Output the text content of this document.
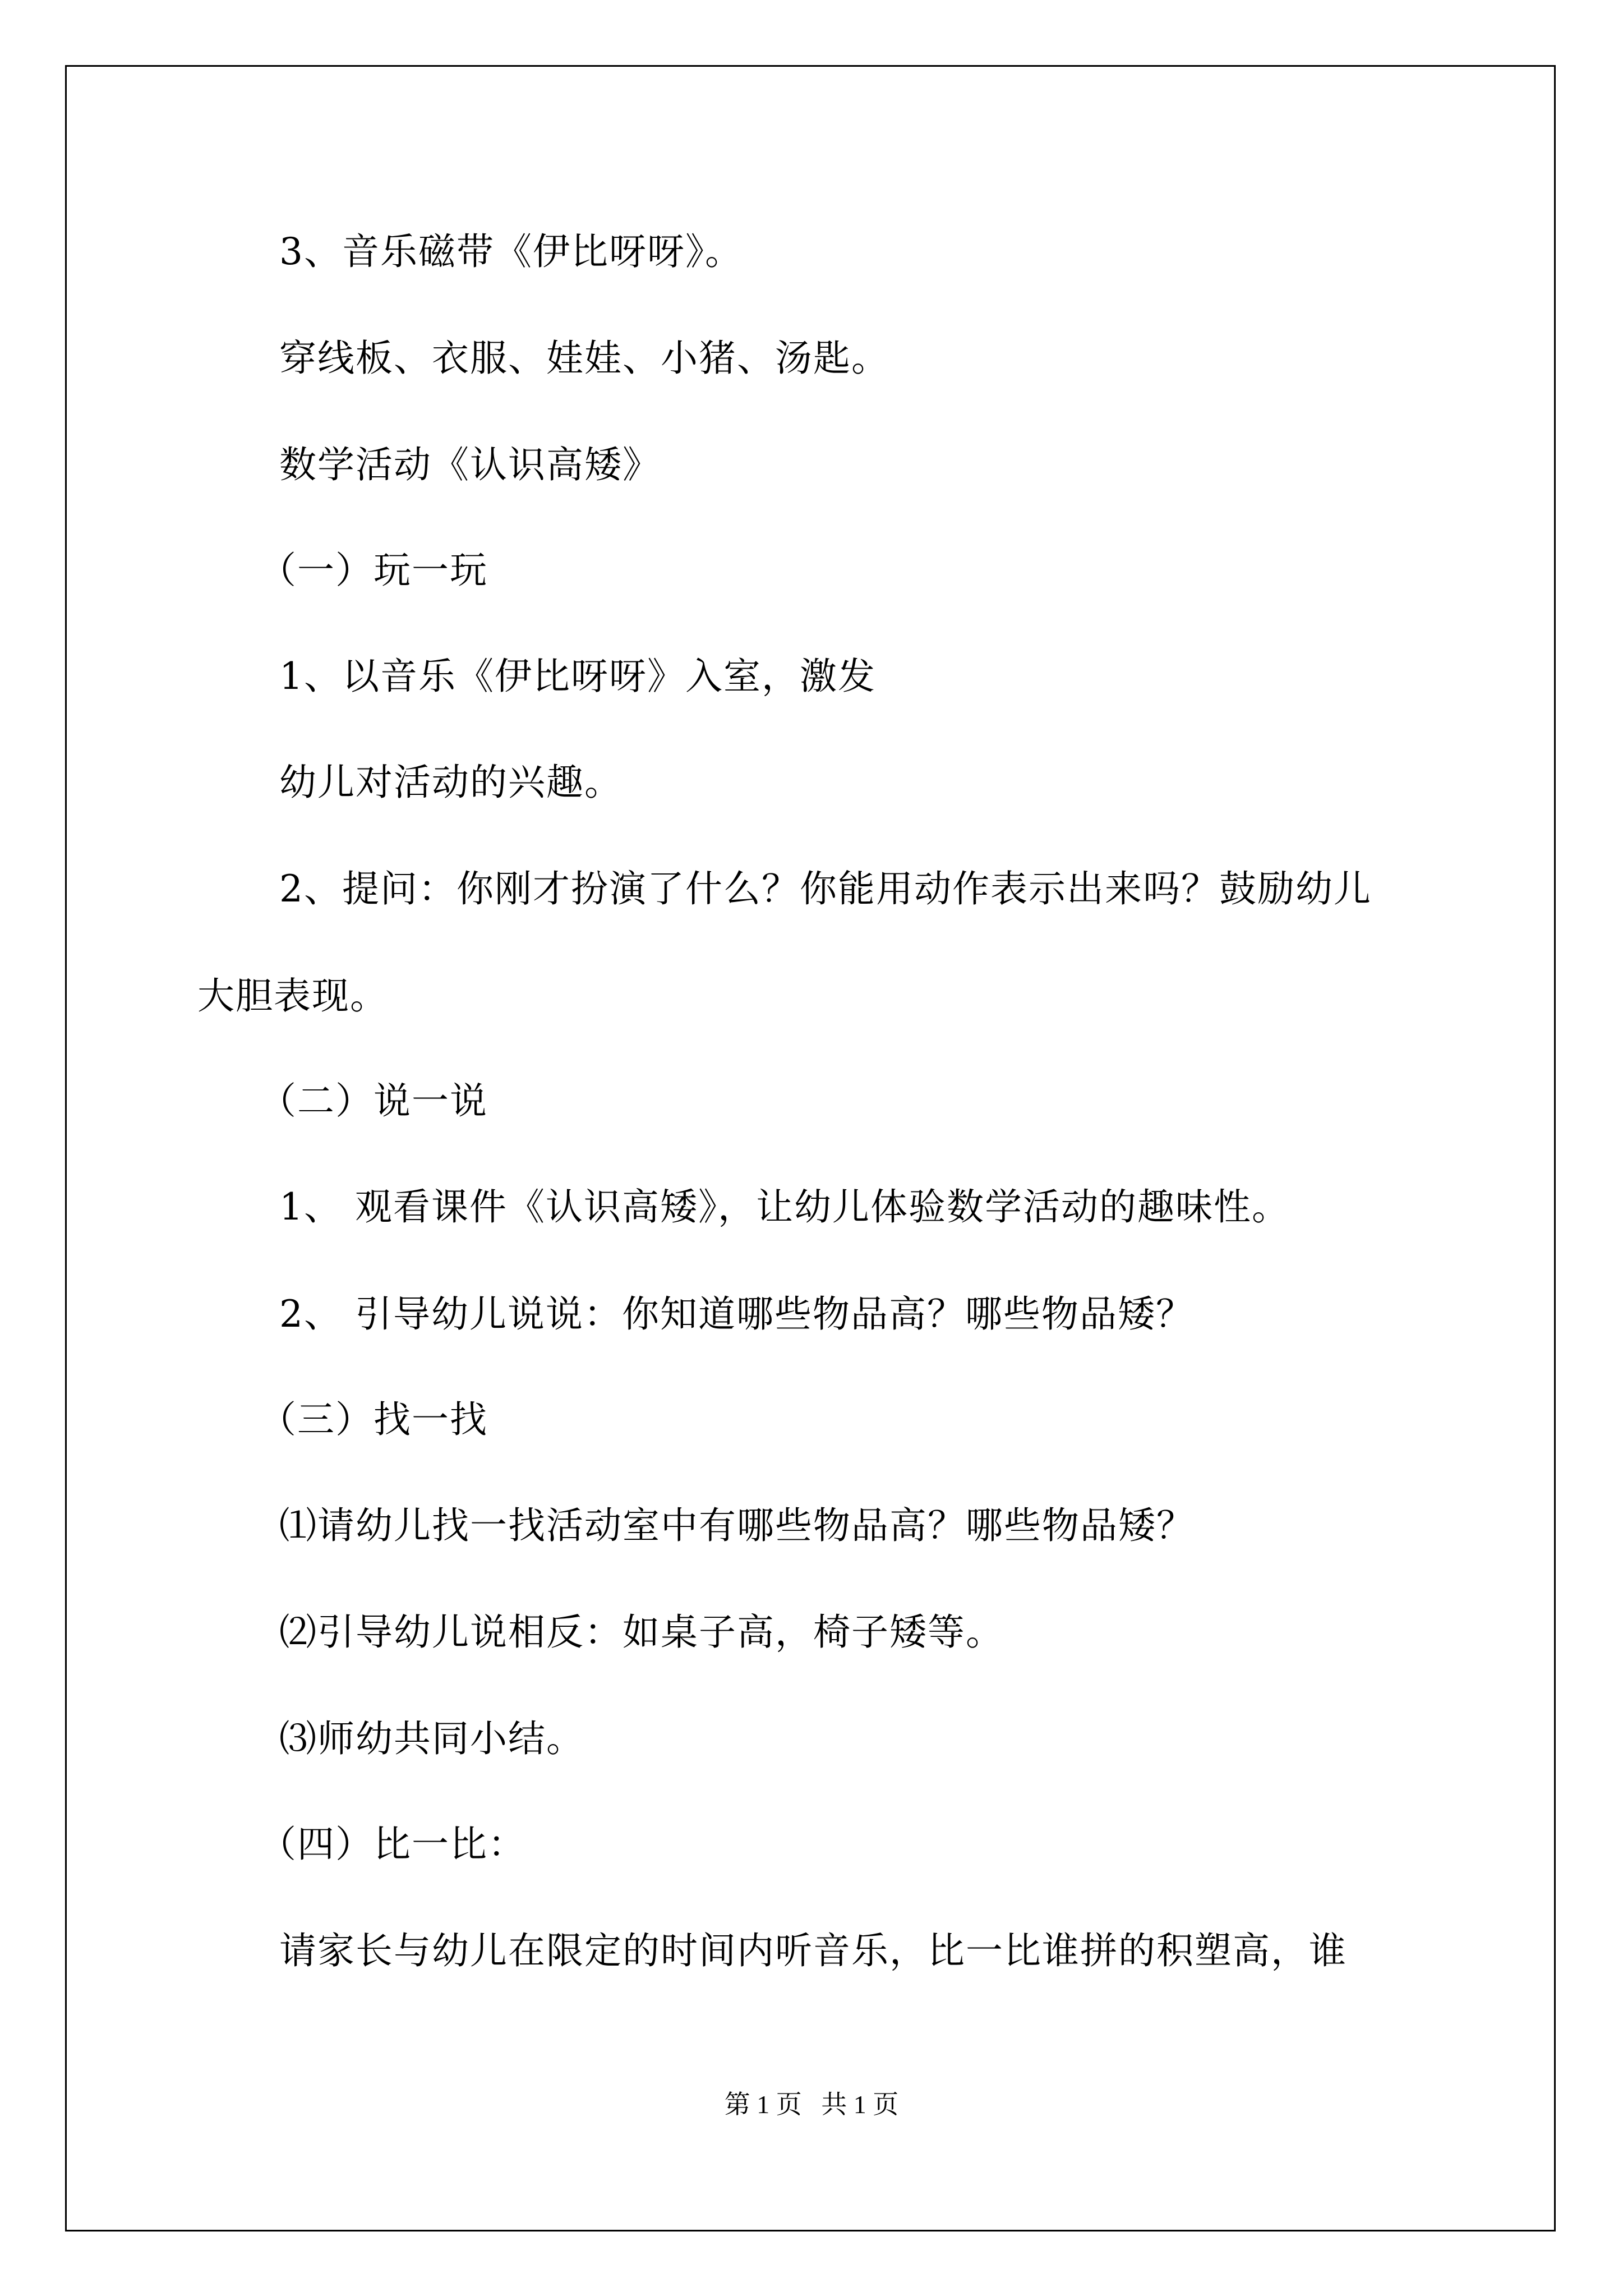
3、音乐磁带《伊比呀呀》。
穿线板、衣服、娃娃、小猪、汤匙。
数学活动《认识高矮》
（一）玩一玩
1、以音乐《伊比呀呀》入室，激发
幼儿对活动的兴趣。
2、提问：你刚才扮演了什么？你能用动作表示出来吗？鼓励幼儿
大胆表现。
（二）说一说
1、 观看课件《认识高矮》，让幼儿体验数学活动的趣味性。
2、 引导幼儿说说：你知道哪些物品高？哪些物品矮？
（三）找一找
⑴请幼儿找一找活动室中有哪些物品高？哪些物品矮？
⑵引导幼儿说相反：如桌子高，椅子矮等。
⑶师幼共同小结。
（四）比一比：
请家长与幼儿在限定的时间内听音乐，比一比谁拼的积塑高，谁
第 1 页   共 1 页
